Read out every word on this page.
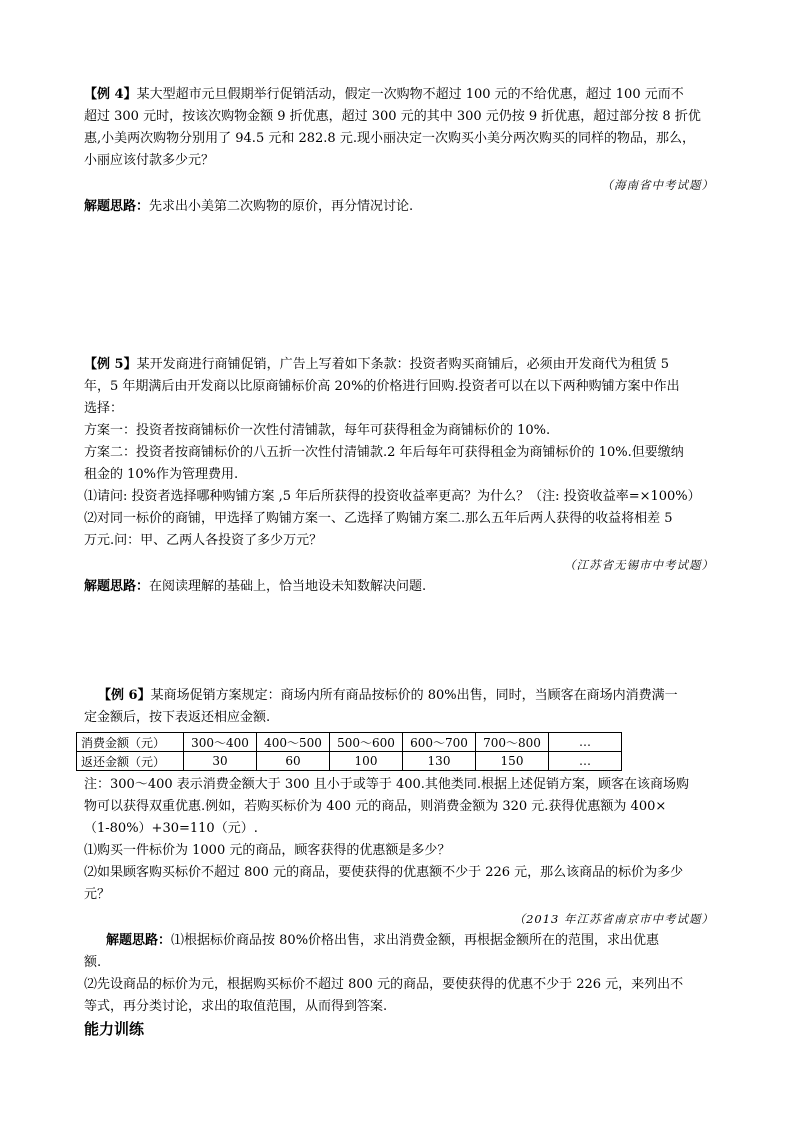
【例 4】某大型超市元旦假期举行促销活动，假定一次购物不超过 100 元的不给优惠，超过 100 元而不

超过 300 元时，按该次购物金额 9 折优惠，超过 300 元的其中 300 元仍按 9 折优惠，超过部分按 8 折优

惠,小美两次购物分别用了 94.5 元和 282.8 元.现小丽决定一次购买小美分两次购买的同样的物品，那么，

小丽应该付款多少元？

（海南省中考试题）

解题思路：先求出小美第二次购物的原价，再分情况讨论.

【例 5】某开发商进行商铺促销，广告上写着如下条款：投资者购买商铺后，必须由开发商代为租赁 5

年，5 年期满后由开发商以比原商铺标价高 20%的价格进行回购.投资者可以在以下两种购铺方案中作出

选择：

方案一：投资者按商铺标价一次性付清铺款，每年可获得租金为商铺标价的 10%.

方案二：投资者按商铺标价的八五折一次性付清铺款.2 年后每年可获得租金为商铺标价的 10%.但要缴纳

租金的 10%作为管理费用.

⑴请问: 投资者选择哪种购铺方案 ,5 年后所获得的投资收益率更高？为什么？（注: 投资收益率=×100%）

⑵对同一标价的商铺，甲选择了购铺方案一、乙选择了购铺方案二.那么五年后两人获得的收益将相差 5

万元.问：甲、乙两人各投资了多少万元？

（江苏省无锡市中考试题）

解题思路：在阅读理解的基础上，恰当地设未知数解决问题.

【例 6】某商场促销方案规定：商场内所有商品按标价的 80%出售，同时，当顾客在商场内消费满一

定金额后，按下表返还相应金额.

消费金额（元）	300～400	400～500	500～600	600～700	700～800	…
返还金额（元）	30	60	100	130	150	…

注：300～400 表示消费金额大于 300 且小于或等于 400.其他类同.根据上述促销方案，顾客在该商场购

物可以获得双重优惠.例如，若购买标价为 400 元的商品，则消费金额为 320 元.获得优惠额为 400×

（1-80%）+30=110（元）.

⑴购买一件标价为 1000 元的商品，顾客获得的优惠额是多少？

⑵如果顾客购买标价不超过 800 元的商品，要使获得的优惠额不少于 226 元，那么该商品的标价为多少

元？

（2013 年江苏省南京市中考试题）

解题思路：⑴根据标价商品按 80%价格出售，求出消费金额，再根据金额所在的范围，求出优惠

额.

⑵先设商品的标价为元，根据购买标价不超过 800 元的商品，要使获得的优惠不少于 226 元，来列出不

等式，再分类讨论，求出的取值范围，从而得到答案.

能力训练
